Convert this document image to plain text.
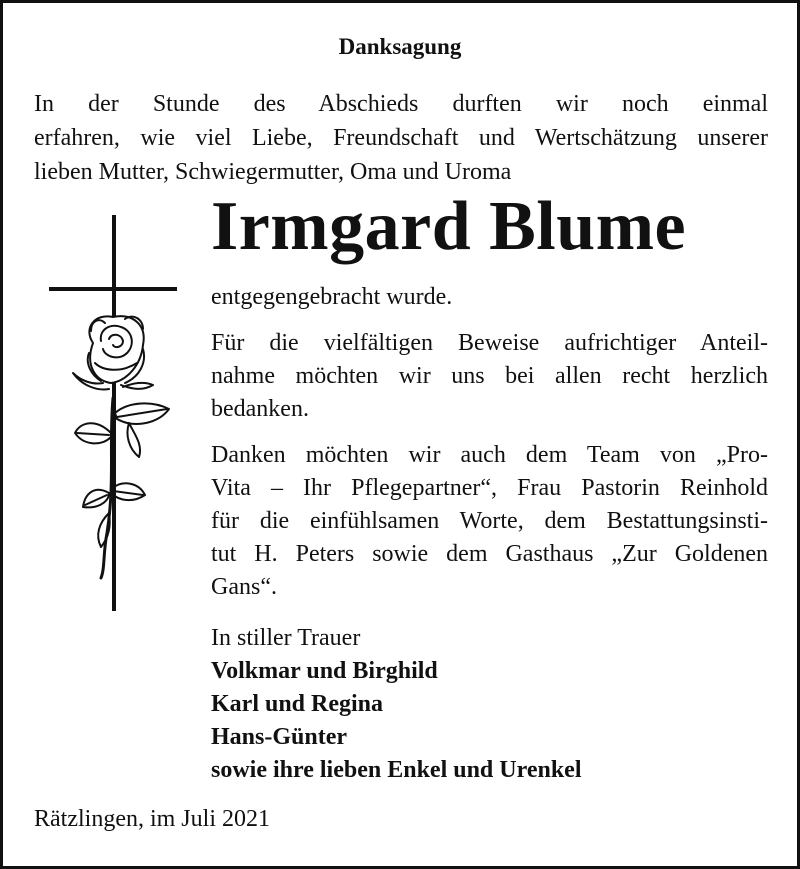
Danksagung
In der Stunde des Abschieds durften wir noch einmal
erfahren, wie viel Liebe, Freundschaft und Wertschätzung unserer
lieben Mutter, Schwiegermutter, Oma und Uroma
Irmgard Blume

entgegengebracht wurde.

Für die vielfältigen Beweise aufrichtiger Anteil-
nahme möchten wir uns bei allen recht herzlich
bedanken.

Danken möchten wir auch dem Team von „Pro-
Vita – Ihr Pflegepartner“, Frau Pastorin Reinhold
für die einfühlsamen Worte, dem Bestattungsinsti-
tut H. Peters sowie dem Gasthaus „Zur Goldenen
Gans“.

In stiller Trauer
Volkmar und Birghild
Karl und Regina
Hans-Günter
sowie ihre lieben Enkel und Urenkel
Rätzlingen, im Juli 2021
